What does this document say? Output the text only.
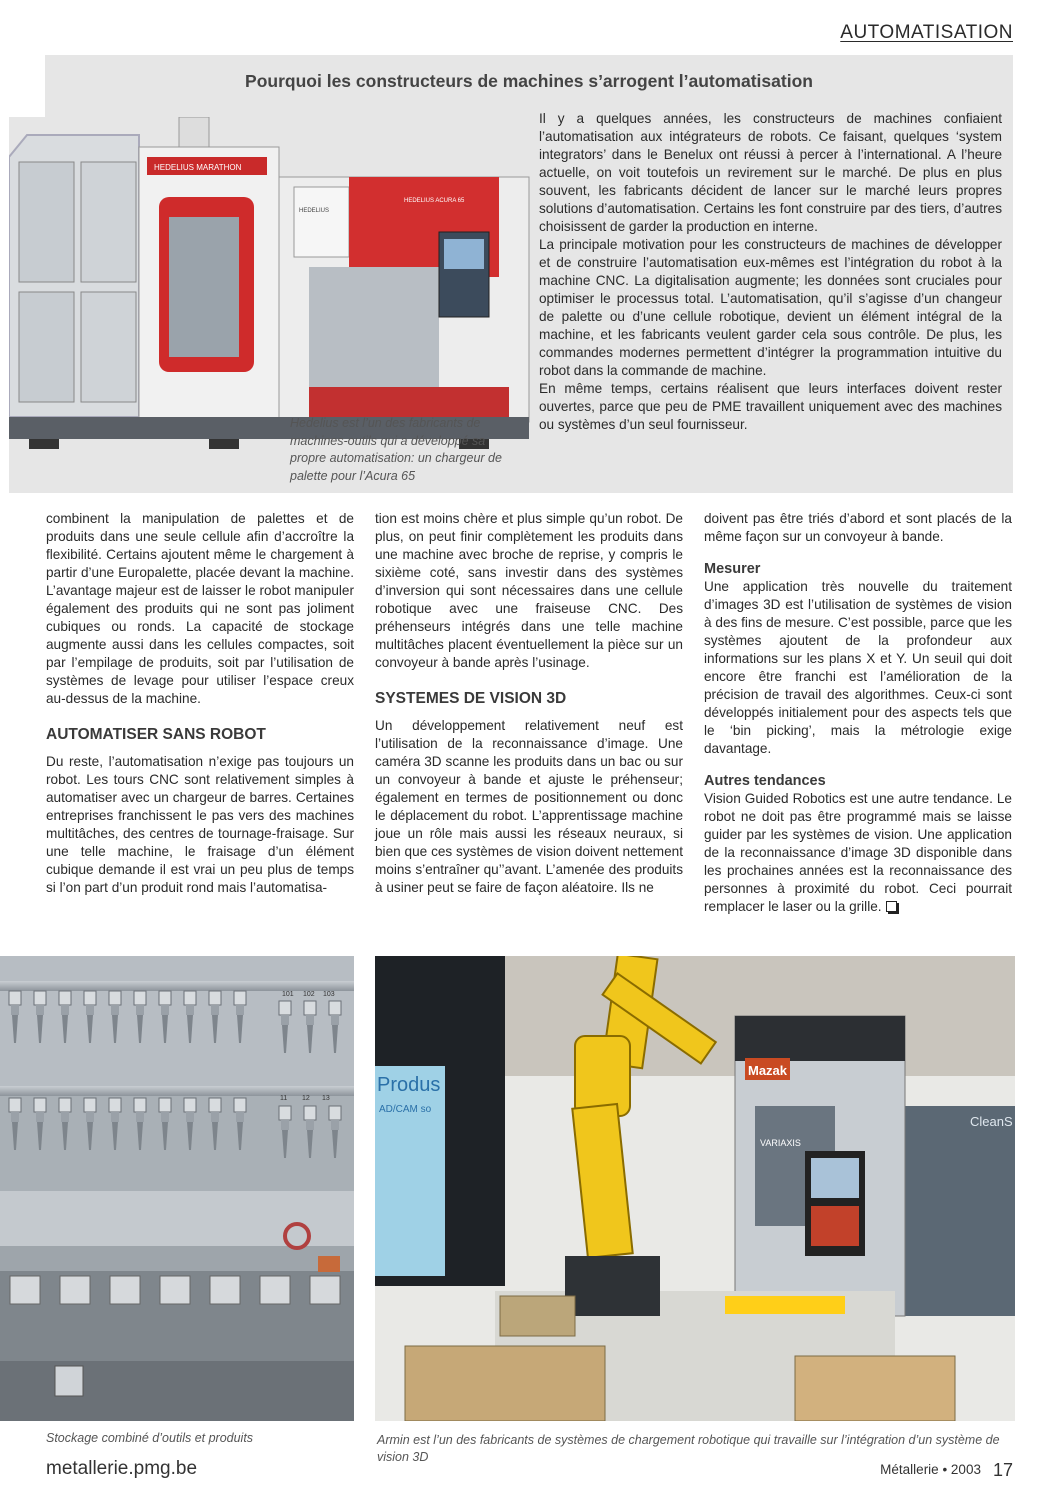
AUTOMATISATION
Pourquoi les constructeurs de machines s’arrogent l’automatisation
HEDELIUS MARATHON
HEDELIUS
HEDELIUS ACURA 65
Hedelius est l’un des fabricants de machines-outils qui a développé sa propre automatisation: un chargeur de palette pour l’Acura 65

Il y a quelques années, les constructeurs de machines confiaient l’automatisation aux intégrateurs de robots. Ce faisant, quelques ‘system integrators’ dans le Benelux ont réussi à percer à l’international. A l’heure actuelle, on voit toutefois un revirement sur le marché. De plus en plus souvent, les fabricants décident de lancer sur le marché leurs propres solutions d’automatisation. Certains les font construire par des tiers, d’autres choisissent de garder la production en interne.

La principale motivation pour les constructeurs de machines de développer et de construire l’automatisation eux-mêmes est l’intégration du robot à la machine CNC. La digitalisation augmente; les données sont cruciales pour optimiser le processus total. L’automatisation, qu’il s’agisse d’un changeur de palette ou d’une cellule robotique, devient un élément intégral de la machine, et les fabricants veulent garder cela sous contrôle. De plus, les commandes modernes permettent d’intégrer la programmation intuitive du robot dans la commande de machine.

En même temps, certains réalisent que leurs interfaces doivent rester ouvertes, parce que peu de PME travaillent uniquement avec des machines ou systèmes d’un seul fournisseur.

combinent la manipulation de palettes et de produits dans une seule cellule afin d’accroître la flexibilité. Certains ajoutent même le chargement à partir d’une Europalette, placée devant la machine. L’avantage majeur est de laisser le robot manipuler également des produits qui ne sont pas joliment cubiques ou ronds. La capacité de stockage augmente aussi dans les cellules compactes, soit par l’empilage de produits, soit par l’utilisation de systèmes de levage pour utiliser l’espace creux au-dessus de la machine.

AUTOMATISER SANS ROBOT

Du reste, l’automatisation n’exige pas toujours un robot. Les tours CNC sont relativement simples à automatiser avec un chargeur de barres. Certaines entreprises franchissent le pas vers des machines multitâches, des centres de tournage-fraisage. Sur une telle machine, le fraisage d’un élément cubique demande il est vrai un peu plus de temps si l’on part d’un produit rond mais l’automatisa-

tion est moins chère et plus simple qu’un robot. De plus, on peut finir complètement les produits dans une machine avec broche de reprise, y compris le sixième coté, sans investir dans des systèmes d’inversion qui sont nécessaires dans une cellule robotique avec une fraiseuse CNC. Des préhenseurs intégrés dans une telle machine multitâches placent éventuellement la pièce sur un convoyeur à bande après l’usinage.

SYSTEMES DE VISION 3D

Un développement relativement neuf est l’utilisation de la reconnaissance d’image. Une caméra 3D scanne les produits dans un bac ou sur un convoyeur à bande et ajuste le préhenseur; également en termes de positionnement ou donc le déplacement du robot. L’apprentissage machine joue un rôle mais aussi les réseaux neuraux, si bien que ces systèmes de vision doivent nettement moins s’entraîner qu’’avant. L’amenée des produits à usiner peut se faire de façon aléatoire. Ils ne

doivent pas être triés d’abord et sont placés de la même façon sur un convoyeur à bande.

Mesurer

Une application très nouvelle du traitement d’images 3D est l’utilisation de systèmes de vision à des fins de mesure. C’est possible, parce que les systèmes ajoutent de la profondeur aux informations sur les plans X et Y. Un seuil qui doit encore être franchi est l’amélioration de la précision de travail des algorithmes. Ceux-ci sont développés initialement pour des aspects tels que le ‘bin picking’, mais la métrologie exige davantage.

Autres tendances

Vision Guided Robotics est une autre tendance. Le robot ne doit pas être programmé mais se laisse guider par les systèmes de vision. Une application de la reconnaissance d’image 3D disponible dans les prochaines années est la reconnaissance des personnes à proximité du robot. Ceci pourrait remplacer le laser ou la grille.

11 12 13
101 102 103
Stockage combiné d’outils et produits
Produs
AD/CAM so
CleanS
Mazak
VARIAXIS
Armin est l’un des fabricants de systèmes de chargement robotique qui travaille sur l’intégration d’un système de vision 3D
metallerie.pmg.be	Métallerie • 2003 17
